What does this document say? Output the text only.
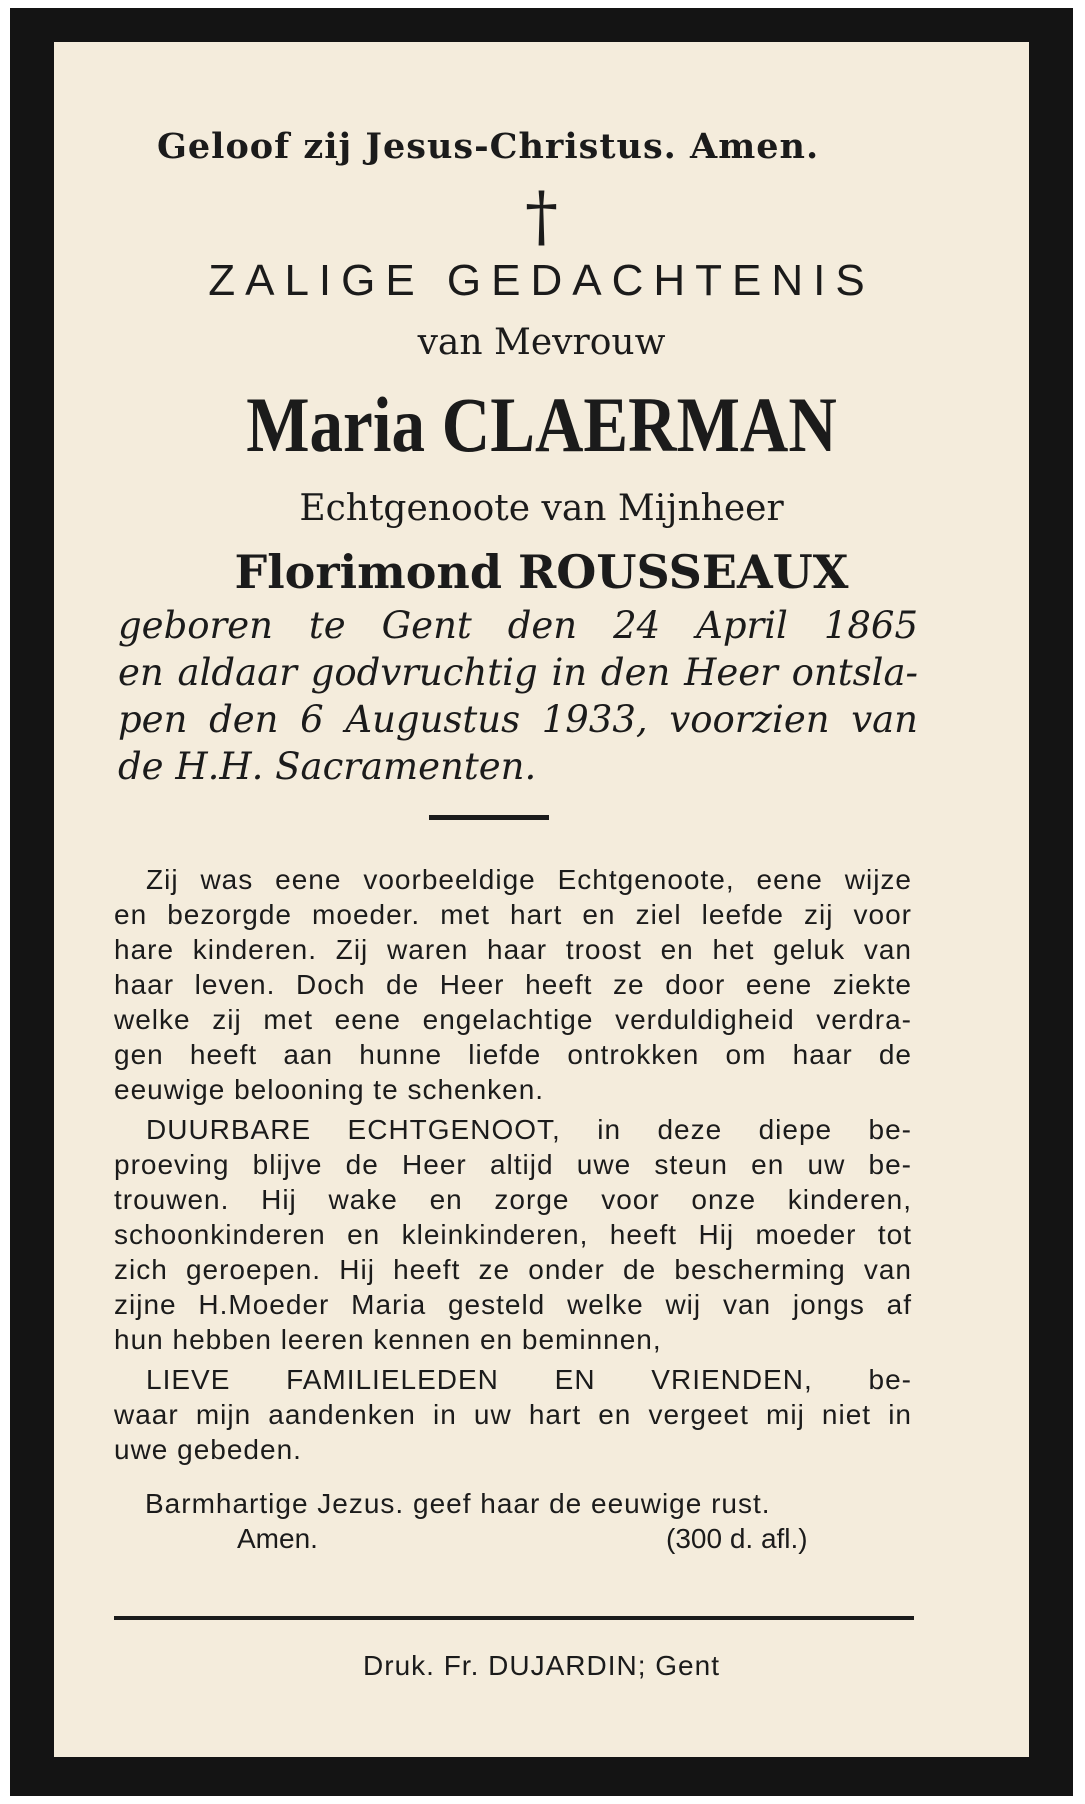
Geloof zij Jesus-Christus. Amen.

†

ZALIGE GEDACHTENIS

van Mevrouw

Maria CLAERMAN

Echtgenoote van Mijnheer

Florimond ROUSSEAUX

geboren te Gent den 24 April 1865

en aldaar godvruchtig in den Heer ontsla-

pen den 6 Augustus 1933, voorzien van

de H.H. Sacramenten.

Zij was eene voorbeeldige Echtgenoote, eene wijze

en bezorgde moeder. met hart en ziel leefde zij voor

hare kinderen. Zij waren haar troost en het geluk van

haar leven. Doch de Heer heeft ze door eene ziekte

welke zij met eene engelachtige verduldigheid verdra-

gen heeft aan hunne liefde ontrokken om haar de

eeuwige belooning te schenken.

DUURBARE ECHTGENOOT, in deze diepe be-

proeving blijve de Heer altijd uwe steun en uw be-

trouwen. Hij wake en zorge voor onze kinderen,

schoonkinderen en kleinkinderen, heeft Hij moeder tot

zich geroepen. Hij heeft ze onder de bescherming van

zijne H.Moeder Maria gesteld welke wij van jongs af

hun hebben leeren kennen en beminnen,

LIEVE FAMILIELEDEN EN VRIENDEN, be-

waar mijn aandenken in uw hart en vergeet mij niet in

uwe gebeden.

Barmhartige Jezus. geef haar de eeuwige rust.

Amen.	(300 d. afl.)

Druk. Fr. DUJARDIN; Gent
